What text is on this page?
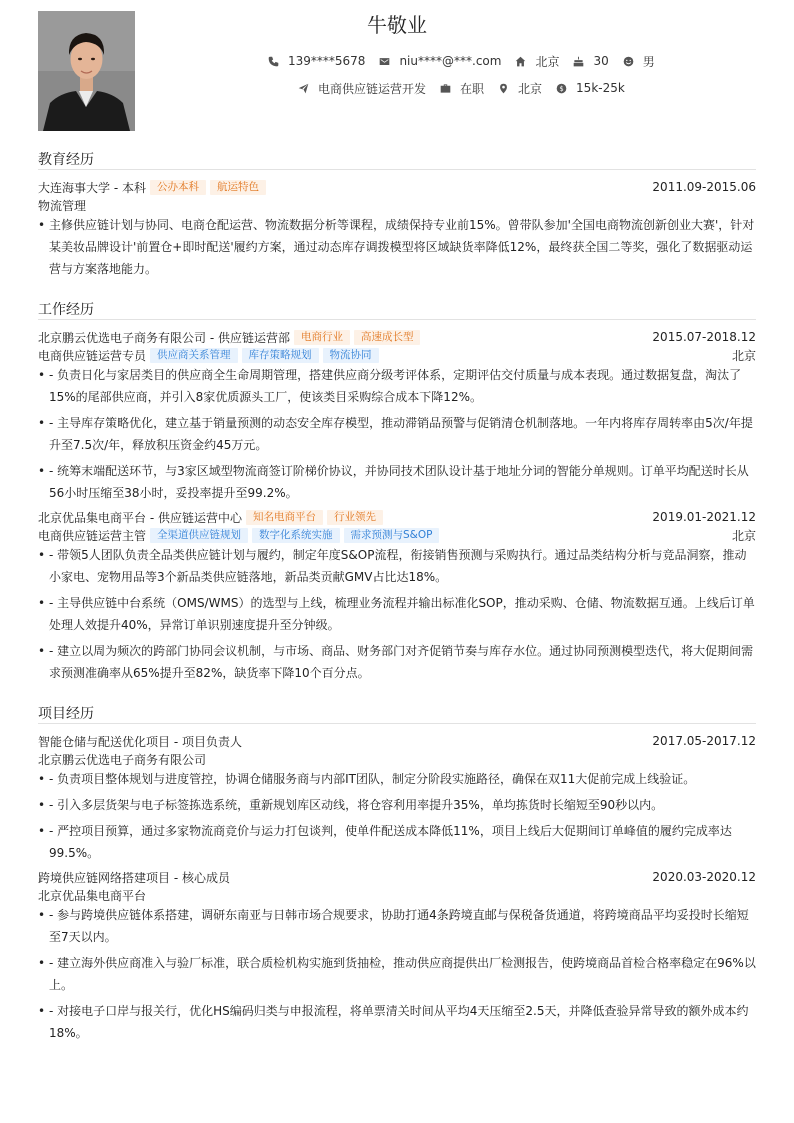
牛敬业
139****5678	niu****@***.com	北京	30	男
电商供应链运营开发	在职	北京 $ 15k-25k
教育经历
大连海事大学 - 本科	公办本科	航运特色	2011.09-2015.06
物流管理
• 主修供应链计划与协同、电商仓配运营、物流数据分析等课程，成绩保持专业前15%。曾带队参加'全国电商物流创新创业大赛'，针对某美妆品牌设计'前置仓+即时配送'履约方案，通过动态库存调拨模型将区域缺货率降低12%，最终获全国二等奖，强化了数据驱动运营与方案落地能力。
工作经历
北京鹏云优选电子商务有限公司 - 供应链运营部	电商行业	高速成长型	2015.07-2018.12
电商供应链运营专员	供应商关系管理	库存策略规划	物流协同	北京
• - 负责日化与家居类目的供应商全生命周期管理，搭建供应商分级考评体系，定期评估交付质量与成本表现。通过数据复盘，淘汰了15%的尾部供应商，并引入8家优质源头工厂，使该类目采购综合成本下降12%。
• - 主导库存策略优化，建立基于销量预测的动态安全库存模型，推动滞销品预警与促销清仓机制落地。一年内将库存周转率由5次/年提升至7.5次/年，释放积压资金约45万元。
• - 统筹末端配送环节，与3家区域型物流商签订阶梯价协议，并协同技术团队设计基于地址分词的智能分单规则。订单平均配送时长从56小时压缩至38小时，妥投率提升至99.2%。
北京优品集电商平台 - 供应链运营中心	知名电商平台	行业领先	2019.01-2021.12
电商供应链运营主管	全渠道供应链规划	数字化系统实施	需求预测与S&OP	北京
• - 带领5人团队负责全品类供应链计划与履约，制定年度S&OP流程，衔接销售预测与采购执行。通过品类结构分析与竞品洞察，推动小家电、宠物用品等3个新品类供应链落地，新品类贡献GMV占比达18%。
• - 主导供应链中台系统（OMS/WMS）的选型与上线，梳理业务流程并输出标准化SOP，推动采购、仓储、物流数据互通。上线后订单处理人效提升40%，异常订单识别速度提升至分钟级。
• - 建立以周为频次的跨部门协同会议机制，与市场、商品、财务部门对齐促销节奏与库存水位。通过协同预测模型迭代，将大促期间需求预测准确率从65%提升至82%，缺货率下降10个百分点。
项目经历
智能仓储与配送优化项目 - 项目负责人	2017.05-2017.12
北京鹏云优选电子商务有限公司
• - 负责项目整体规划与进度管控，协调仓储服务商与内部IT团队，制定分阶段实施路径，确保在双11大促前完成上线验证。
• - 引入多层货架与电子标签拣选系统，重新规划库区动线，将仓容利用率提升35%，单均拣货时长缩短至90秒以内。
• - 严控项目预算，通过多家物流商竞价与运力打包谈判，使单件配送成本降低11%，项目上线后大促期间订单峰值的履约完成率达99.5%。
跨境供应链网络搭建项目 - 核心成员	2020.03-2020.12
北京优品集电商平台
• - 参与跨境供应链体系搭建，调研东南亚与日韩市场合规要求，协助打通4条跨境直邮与保税备货通道，将跨境商品平均妥投时长缩短至7天以内。
• - 建立海外供应商准入与验厂标准，联合质检机构实施到货抽检，推动供应商提供出厂检测报告，使跨境商品首检合格率稳定在96%以上。
• - 对接电子口岸与报关行，优化HS编码归类与申报流程，将单票清关时间从平均4天压缩至2.5天，并降低查验异常导致的额外成本约18%。
